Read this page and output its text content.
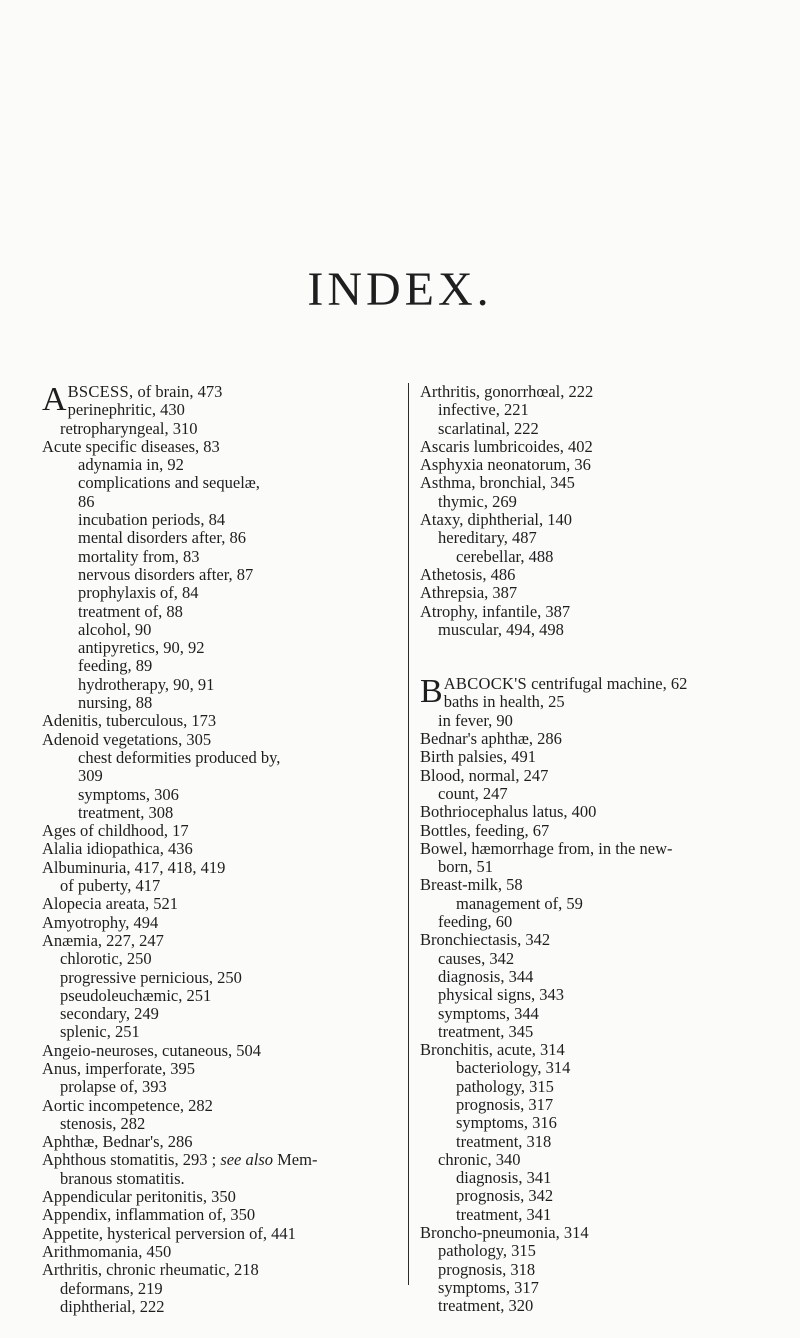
INDEX.
ABSCESS, of brain, 473
perinephritic, 430
retropharyngeal, 310
Acute specific diseases, 83
adynamia in, 92
complications and sequelæ,
86
incubation periods, 84
mental disorders after, 86
mortality from, 83
nervous disorders after, 87
prophylaxis of, 84
treatment of, 88
alcohol, 90
antipyretics, 90, 92
feeding, 89
hydrotherapy, 90, 91
nursing, 88
Adenitis, tuberculous, 173
Adenoid vegetations, 305
chest deformities produced by,
309
symptoms, 306
treatment, 308
Ages of childhood, 17
Alalia idiopathica, 436
Albuminuria, 417, 418, 419
of puberty, 417
Alopecia areata, 521
Amyotrophy, 494
Anæmia, 227, 247
chlorotic, 250
progressive pernicious, 250
pseudoleuchæmic, 251
secondary, 249
splenic, 251
Angeio-neuroses, cutaneous, 504
Anus, imperforate, 395
prolapse of, 393
Aortic incompetence, 282
stenosis, 282
Aphthæ, Bednar's, 286
Aphthous stomatitis, 293 ; see also Mem-
branous stomatitis.
Appendicular peritonitis, 350
Appendix, inflammation of, 350
Appetite, hysterical perversion of, 441
Arithmomania, 450
Arthritis, chronic rheumatic, 218
deformans, 219
diphtherial, 222
Arthritis, gonorrhœal, 222
infective, 221
scarlatinal, 222
Ascaris lumbricoides, 402
Asphyxia neonatorum, 36
Asthma, bronchial, 345
thymic, 269
Ataxy, diphtherial, 140
hereditary, 487
cerebellar, 488
Athetosis, 486
Athrepsia, 387
Atrophy, infantile, 387
muscular, 494, 498
BABCOCK'S centrifugal machine, 62
baths in health, 25
in fever, 90
Bednar's aphthæ, 286
Birth palsies, 491
Blood, normal, 247
count, 247
Bothriocephalus latus, 400
Bottles, feeding, 67
Bowel, hæmorrhage from, in the new-
born, 51
Breast-milk, 58
management of, 59
feeding, 60
Bronchiectasis, 342
causes, 342
diagnosis, 344
physical signs, 343
symptoms, 344
treatment, 345
Bronchitis, acute, 314
bacteriology, 314
pathology, 315
prognosis, 317
symptoms, 316
treatment, 318
chronic, 340
diagnosis, 341
prognosis, 342
treatment, 341
Broncho-pneumonia, 314
pathology, 315
prognosis, 318
symptoms, 317
treatment, 320
